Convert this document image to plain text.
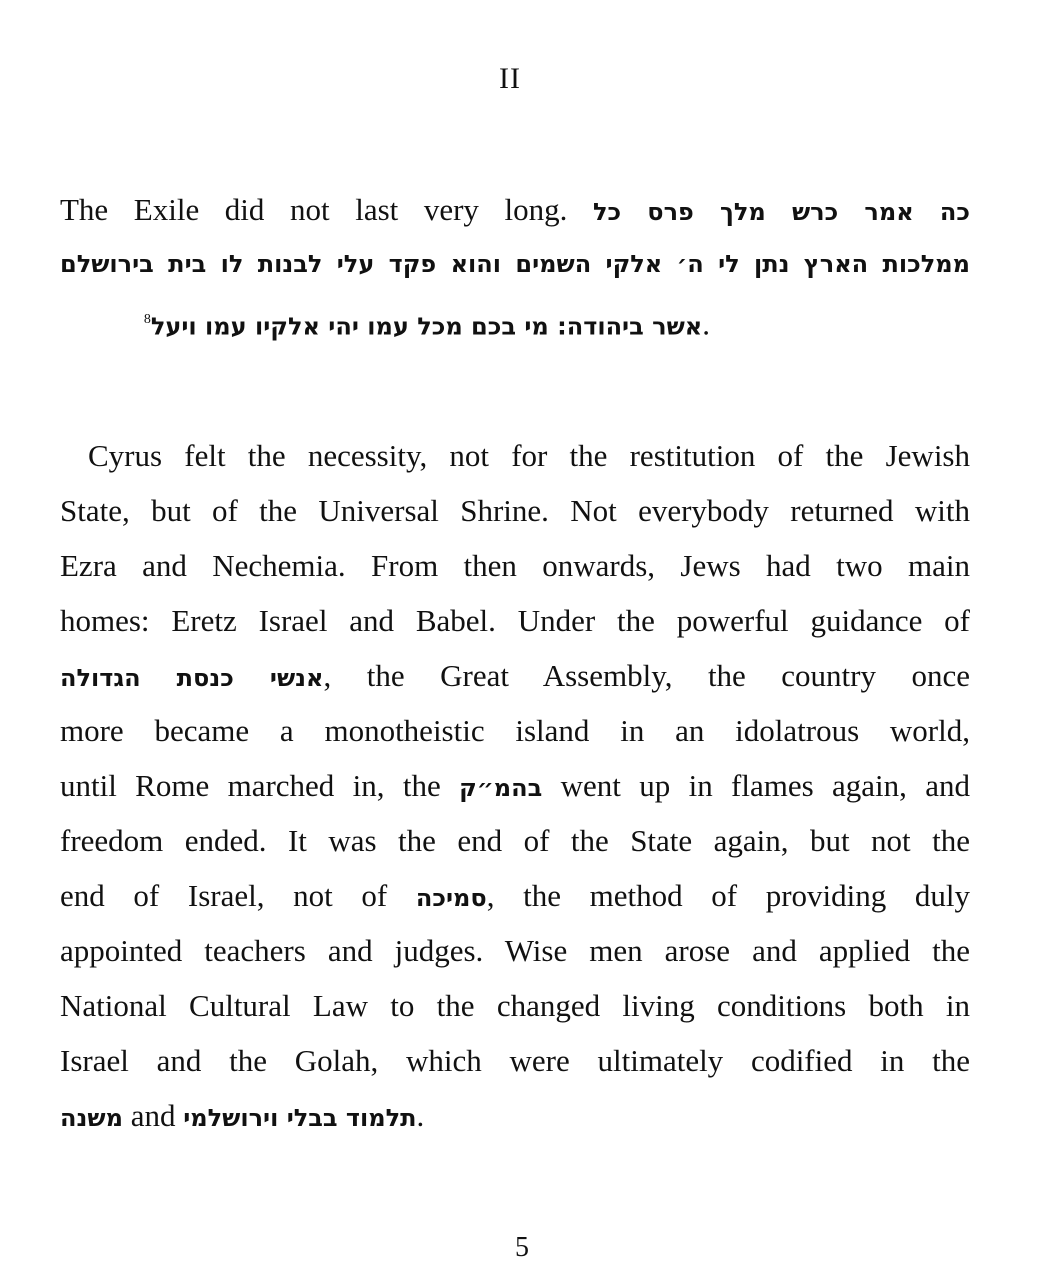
II
The Exile did not last very long. כה אמר כרש מלך פרס כל
ממלכות הארץ נתן לי ה׳ אלקי השמים והוא פקד עלי לבנות לו בית בירושלם
.אשר ביהודה: מי בכם מכל עמו יהי אלקיו עמו ויעל$^8$
Cyrus felt the necessity, not for the restitution of the Jewish
State, but of the Universal Shrine. Not everybody returned with
Ezra and Nechemia. From then onwards, Jews had two main
homes: Eretz Israel and Babel. Under the powerful guidance of
אנשי כנסת הגדולה, the Great Assembly, the country once
more became a monotheistic island in an idolatrous world,
until Rome marched in, the בהמ״ק went up in flames again, and
freedom ended. It was the end of the State again, but not the
end of Israel, not of סמיכה, the method of providing duly
appointed teachers and judges. Wise men arose and applied the
National Cultural Law to the changed living conditions both in
Israel and the Golah, which were ultimately codified in the
משנה and תלמוד בבלי וירושלמי.
5
